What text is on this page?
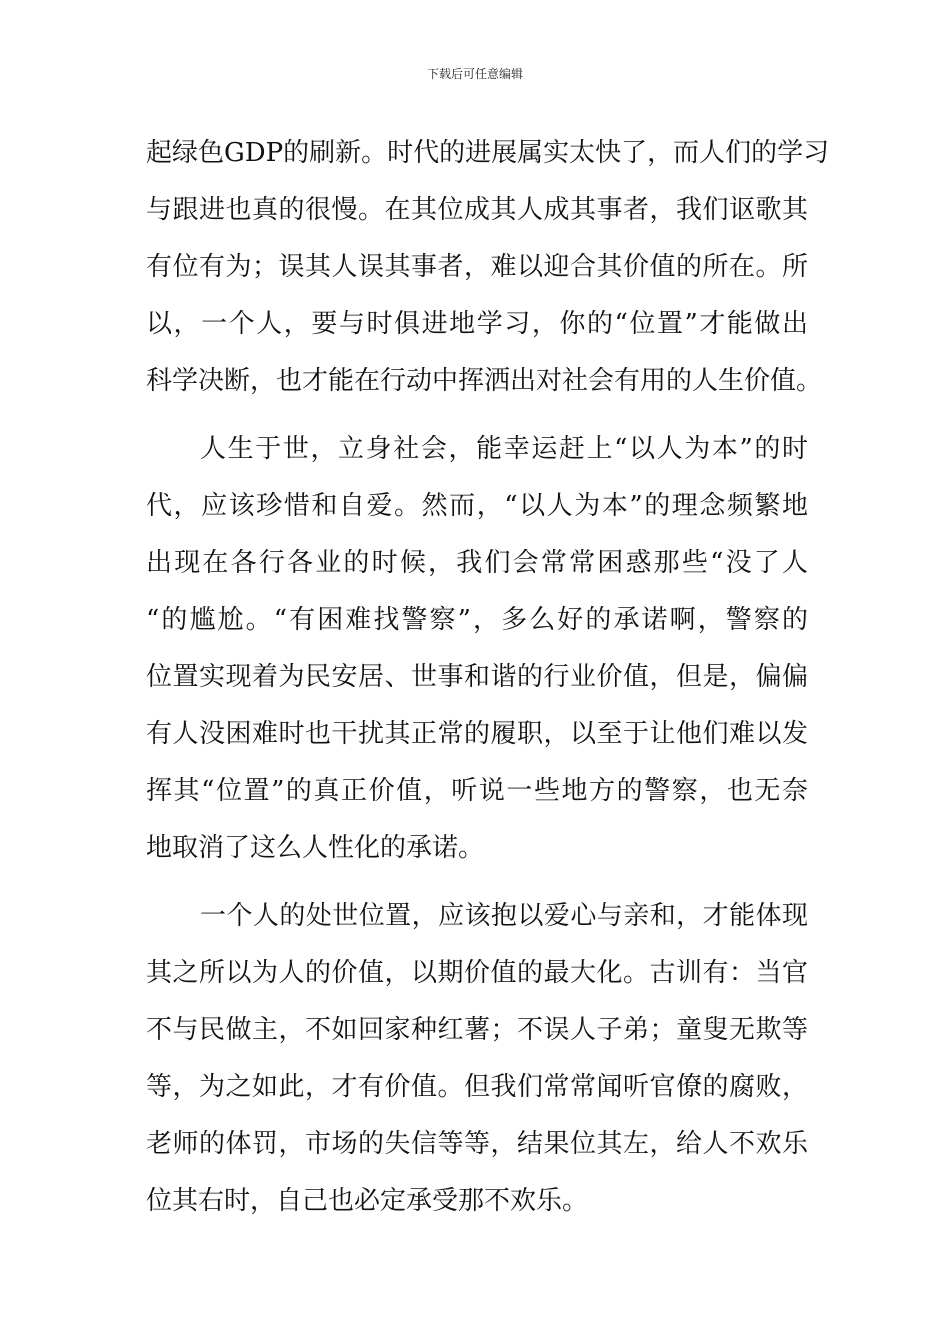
下载后可任意编辑
起绿色GDP的刷新。时代的进展属实太快了，而人们的学习
与跟进也真的很慢。在其位成其人成其事者，我们讴歌其
有位有为；误其人误其事者，难以迎合其价值的所在。所
以，一个人，要与时俱进地学习，你的“位置”才能做出
科学决断，也才能在行动中挥洒出对社会有用的人生价值。
人生于世，立身社会，能幸运赶上“以人为本”的时
代，应该珍惜和自爱。然而，“以人为本”的理念频繁地
出现在各行各业的时候，我们会常常困惑那些“没了人
“的尴尬。“有困难找警察”，多么好的承诺啊，警察的
位置实现着为民安居、世事和谐的行业价值，但是，偏偏
有人没困难时也干扰其正常的履职，以至于让他们难以发
挥其“位置”的真正价值，听说一些地方的警察，也无奈
地取消了这么人性化的承诺。
一个人的处世位置，应该抱以爱心与亲和，才能体现
其之所以为人的价值，以期价值的最大化。古训有：当官
不与民做主，不如回家种红薯；不误人子弟；童叟无欺等
等，为之如此，才有价值。但我们常常闻听官僚的腐败，
老师的体罚，市场的失信等等，结果位其左，给人不欢乐
位其右时，自己也必定承受那不欢乐。
